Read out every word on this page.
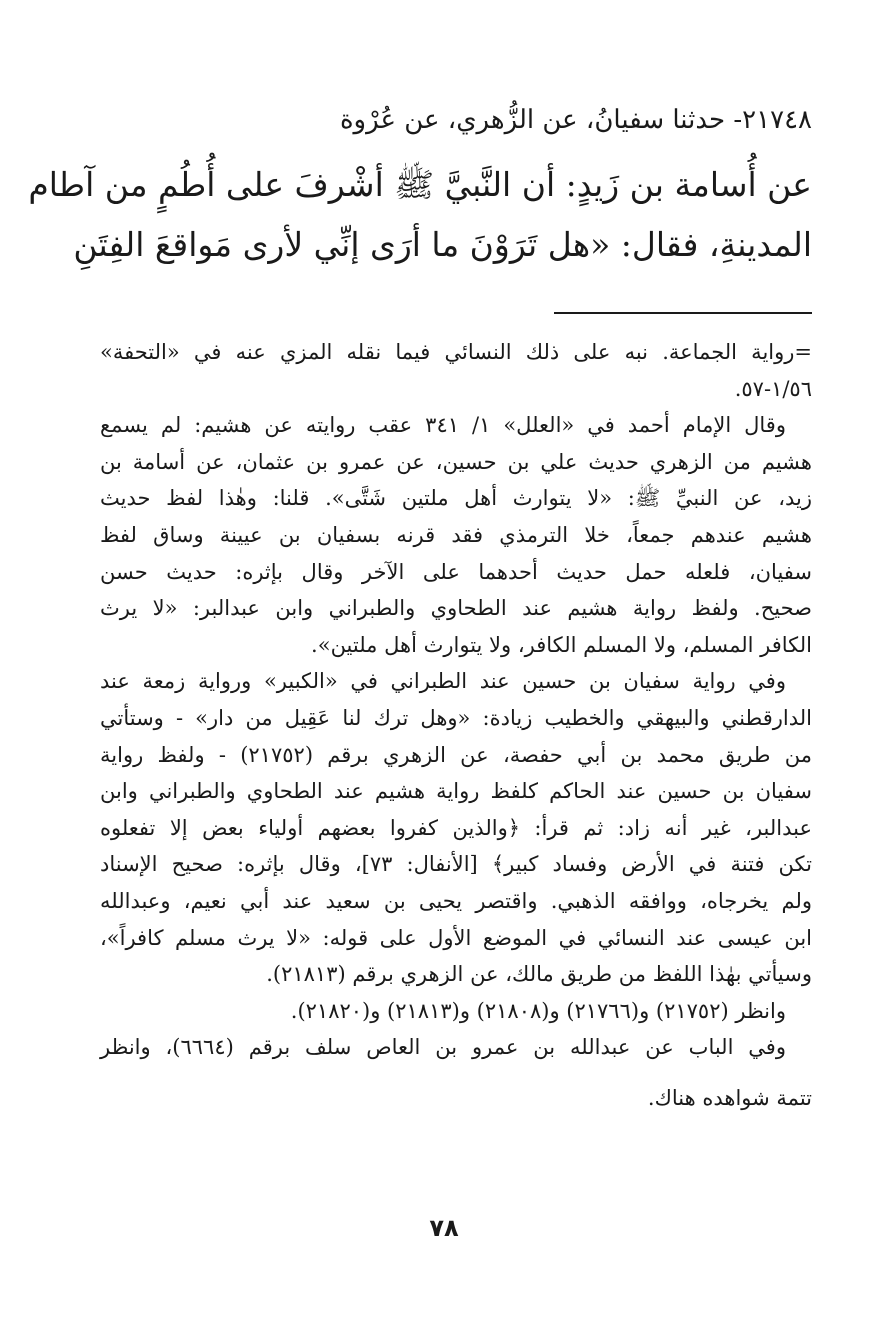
٢١٧٤٨- حدثنا سفيانُ، عن الزُّهري، عن عُرْوة
عن أُسامة بن زَيدٍ: أن النَّبيَّ ﷺ أشْرفَ على أُطُمٍ من آطام
المدينةِ، فقال: «هل تَرَوْنَ ما أرَى إنِّي لأرى مَواقعَ الفِتَنِ

=رواية الجماعة. نبه على ذلك النسائي فيما نقله المزي عنه في «التحفة»
١/٥٦-٥٧.

وقال الإمام أحمد في «العلل» ١/ ٣٤١ عقب روايته عن هشيم: لم يسمع
هشيم من الزهري حديث علي بن حسين، عن عمرو بن عثمان، عن أسامة بن
زيد، عن النبيِّ ﷺ: «لا يتوارث أهل ملتين شَتَّى». قلنا: وهٰذا لفظ حديث
هشيم عندهم جمعاً، خلا الترمذي فقد قرنه بسفيان بن عيينة وساق لفظ
سفيان، فلعله حمل حديث أحدهما على الآخر وقال بإثره: حديث حسن
صحيح. ولفظ رواية هشيم عند الطحاوي والطبراني وابن عبدالبر: «لا يرث
الكافر المسلم، ولا المسلم الكافر، ولا يتوارث أهل ملتين».

وفي رواية سفيان بن حسين عند الطبراني في «الكبير» ورواية زمعة عند
الدارقطني والبيهقي والخطيب زيادة: «وهل ترك لنا عَقِيل من دار» - وستأتي
من طريق محمد بن أبي حفصة، عن الزهري برقم (٢١٧٥٢) - ولفظ رواية
سفيان بن حسين عند الحاكم كلفظ رواية هشيم عند الطحاوي والطبراني وابن
عبدالبر، غير أنه زاد: ثم قرأ: ﴿والذين كفروا بعضهم أولياء بعض إلا تفعلوه
تكن فتنة في الأرض وفساد كبير﴾ [الأنفال: ٧٣]، وقال بإثره: صحيح الإسناد
ولم يخرجاه، ووافقه الذهبي. واقتصر يحيى بن سعيد عند أبي نعيم، وعبدالله
ابن عيسى عند النسائي في الموضع الأول على قوله: «لا يرث مسلم كافراً»،
وسيأتي بهٰذا اللفظ من طريق مالك، عن الزهري برقم (٢١٨١٣).

وانظر (٢١٧٥٢) و(٢١٧٦٦) و(٢١٨٠٨) و(٢١٨١٣) و(٢١٨٢٠).

وفي الباب عن عبدالله بن عمرو بن العاص سلف برقم (٦٦٦٤)، وانظر
تتمة شواهده هناك.

٧٨
